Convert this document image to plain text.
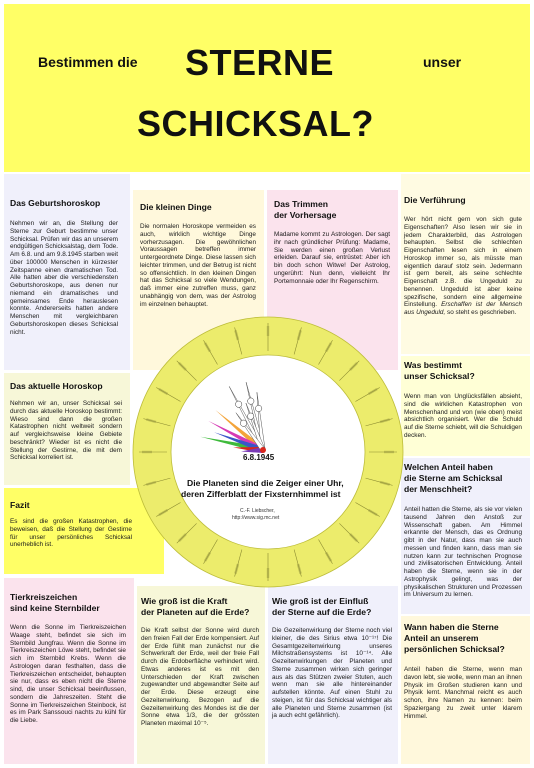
Bestimmen die STERNE	unser
SCHICKSAL?
Das Geburtshoroskop

Nehmen wir an, die Stellung der Sterne zur Geburt bestimme unser Schicksal. Prüfen wir das an unserem endgültigen Schicksalstag, dem Tode. Am 6.8. und am 9.8.1945 starben weit über 100000 Menschen in kürzester Zeitspanne einen dramatischen Tod. Alle hatten aber die verschiedensten Geburtshoroskope, aus denen nur niemand ein dramatisches und gemeinsames Ende herauslesen konnte. Andererseits hatten andere Menschen mit vergleichbaren Geburtshoroskopen dieses Schicksal nicht.

Die kleinen Dinge

Die normalen Horoskope vermeiden es auch, wirklich wichtige Dinge vorherzusagen. Die gewöhnlichen Voraussagen betreffen immer untergeordnete Dinge. Diese lassen sich leichter trimmen, und der Betrug ist nicht so offensichtlich. In den kleinen Dingen hat das Schicksal so viele Wendungen, daß immer eine zutreffen muss, ganz unabhängig von dem, was der Astrolog im einzelnen behauptet.

Das Trimmen
der Vorhersage

Madame kommt zu Astrologen. Der sagt ihr nach gründlicher Prüfung: Madame, Sie werden einen großen Verlust erleiden. Darauf sie, entrüstet: Aber ich bin doch schon Witwe! Der Astrolog, ungerührt: Nun denn, vielleicht Ihr Portemonnaie oder Ihr Regenschirm.

Die Verführung

Wer hört nicht gern von sich gute Eigenschaften? Also lesen wir sie in jedem Charakterbild, das Astrologen behaupten. Selbst die schlechten Eigenschaften lesen sich in einem Horoskop immer so, als müsste man eigentlich darauf stolz sein. Jedermann ist gern bereit, als seine schlechte Eigenschaft z.B. die Ungeduld zu benennen. Ungeduld ist aber keine spezifische, sondern eine allgemeine Einstellung. Erschaffen ist der Mensch aus Ungeduld, so steht es geschrieben.

Das aktuelle Horoskop

Nehmen wir an, unser Schicksal sei durch das aktuelle Horoskop bestimmt: Wieso sind dann die großen Katastrophen nicht weltweit sondern auf vergleichsweise kleine Gebiete beschränkt? Wieder ist es nicht die Stellung der Gestirne, die mit dem Schicksal korreliert ist.

Was bestimmt
unser Schicksal?

Wenn man von Unglücksfällen absieht, sind die wirklichen Katastrophen von Menschenhand und von (wie oben) meist absichtlich organisiert. Wer die Schuld auf die Sterne schiebt, will die Schuldigen decken.

Fazit

Es sind die großen Katastrophen, die beweisen, daß die Stellung der Gestirne für unser persönliches Schicksal unerheblich ist.

Welchen Anteil haben
die Sterne am Schicksal
der Menschheit?

Anteil hatten die Sterne, als sie vor vielen tausend Jahren den Anstoß zur Wissenschaft gaben. Am Himmel erkannte der Mensch, das es Ordnung gibt in der Natur, dass man sie auch messen und finden kann, dass man sie nutzen kann zur technischen Prognose und zivilisatorischen Entwicklung. Anteil haben die Sterne, wenn sie in der Astrophysik gelingt, was der physikalischen Strukturen und Prozessen im Universum zu lernen.

Tierkreiszeichen
sind keine Sternbilder

Wenn die Sonne im Tierkreiszeichen Waage steht, befindet sie sich im Sternbild Jungfrau. Wenn die Sonne im Tierkreiszeichen Löwe steht, befindet sie sich im Sternbild Krebs. Wenn die Astrologen daran festhalten, dass die Tierkreiszeichen entscheidet, behaupten sie nur, dass es eben nicht die Sterne sind, die unser Schicksal beeinflussen, sondern die Jahreszeiten. Steht die Sonne im Tierkreiszeichen Steinbock, ist es im Park Sanssouci nachts zu kühl für die Liebe.

Wie groß ist die Kraft
der Planeten auf die Erde?

Die Kraft selbst der Sonne wird durch den freien Fall der Erde kompensiert. Auf der Erde fühlt man zunächst nur die Schwerkraft der Erde, weil der freie Fall durch die Erdoberfläche verhindert wird. Etwas anderes ist es mit den Unterschieden der Kraft zwischen zugewandter und abgewandter Seite auf der Erde. Diese erzeugt eine Gezeitenwirkung. Bezogen auf die Gezeitenwirkung des Mondes ist die der Sonne etwa 1/3, die der grössten Planeten maximal 10⁻⁵.

Wie groß ist der Einfluß
der Sterne auf die Erde?

Die Gezeitenwirkung der Sterne noch viel kleiner, die des Sirius etwa 10⁻¹⁷! Die Gesamtgezeitenwirkung unseres Milchstraßensystems ist 10⁻¹⁴. Alle Gezeitenwirkungen der Planeten und Sterne zusammen wirken sich geringer aus als das Stützen zweier Stuten, auch wenn man sie alle hintereinander aufstellen könnte. Auf einen Stuhl zu steigen, ist für das Schicksal wichtiger als alle Planeten und Sterne zusammen (ist ja auch echt gefährlich).

Wann haben die Sterne
Anteil an unserem
persönlichen Schicksal?

Anteil haben die Sterne, wenn man davon lebt, sie wolle, wenn man an ihnen Physik im Großen studieren kann und Physik lernt. Manchmal reicht es auch schon, ihre Namen zu kennen: beim Spaziergang zu zweit unter klarem Himmel.

6.8.1945
Die Planeten sind die Zeiger einer Uhr,
deren Zifferblatt der Fixsternhimmel ist
C.-F. Liebscher,
http://www.sig.mc.net
